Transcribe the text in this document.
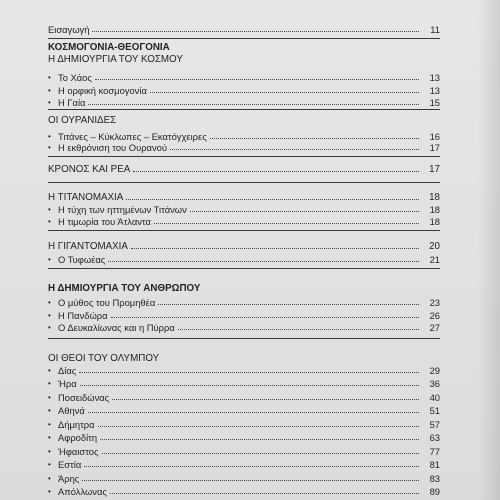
Εισαγωγή	11
ΚΟΣΜΟΓΟΝΙΑ-ΘΕΟΓΟΝΙΑ
Η ΔΗΜΙΟΥΡΓΙΑ ΤΟΥ ΚΟΣΜΟΥ
• Το Χάος	13
• Η ορφική κοσμογονία	13
• Η Γαία	15
ΟΙ ΟΥΡΑΝΙΔΕΣ
• Τιτάνες – Κύκλωπες – Εκατόγχειρες	16
• Η εκθρόνιση του Ουρανού	17
ΚΡΟΝΟΣ ΚΑΙ ΡΕΑ	17
Η ΤΙΤΑΝΟΜΑΧΙΑ	18
• Η τύχη των ηττημένων Τιτάνων	18
• Η τιμωρία του Άτλαντα	18
Η ΓΙΓΑΝΤΟΜΑΧΙΑ	20
• Ο Τυφωέας	21
Η ΔΗΜΙΟΥΡΓΙΑ ΤΟΥ ΑΝΘΡΩΠΟΥ
• Ο μύθος του Προμηθέα	23
• Η Πανδώρα	26
• Ο Δευκαλίωνας και η Πύρρα	27
ΟΙ ΘΕΟΙ ΤΟΥ ΟΛΥΜΠΟΥ
• Δίας	29
• Ήρα	36
• Ποσειδώνας	40
• Αθηνά	51
• Δήμητρα	57
• Αφροδίτη	63
• Ήφαιστος	77
• Εστία	81
• Άρης	83
• Απόλλωνας	89
